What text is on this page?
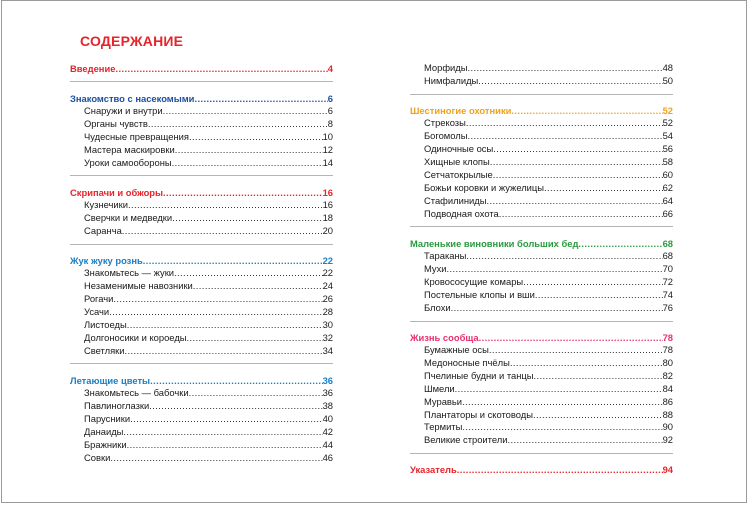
СОДЕРЖАНИЕ
Введение .....	4
Знакомство с насекомыми .....	6
Снаружи и внутри .....	6
Органы чувств .....	8
Чудесные превращения .....	10
Мастера маскировки .....	12
Уроки самообороны .....	14
Скрипачи и обжоры .....	16
Кузнечики .....	16
Сверчки и медведки .....	18
Саранча .....	20
Жук жуку рознь .....	22
Знакомьтесь — жуки .....	22
Незаменимые навозники .....	24
Рогачи .....	26
Усачи .....	28
Листоеды .....	30
Долгоносики и короеды .....	32
Светляки .....	34
Летающие цветы .....	36
Знакомьтесь — бабочки .....	36
Павлиноглазки .....	38
Парусники .....	40
Данаиды .....	42
Бражники .....	44
Совки .....	46
Морфиды .....	48
Нимфалиды .....	50
Шестиногие охотники .....	52
Стрекозы .....	52
Богомолы .....	54
Одиночные осы .....	56
Хищные клопы .....	58
Сетчатокрылые .....	60
Божьи коровки и жужелицы .....	62
Стафилиниды .....	64
Подводная охота .....	66
Маленькие виновники больших бед .....	68
Тараканы .....	68
Мухи .....	70
Кровососущие комары .....	72
Постельные клопы и вши .....	74
Блохи .....	76
Жизнь сообща .....	78
Бумажные осы .....	78
Медоносные пчёлы .....	80
Пчелиные будни и танцы .....	82
Шмели .....	84
Муравьи .....	86
Плантаторы и скотоводы .....	88
Термиты .....	90
Великие строители .....	92
Указатель .....	94
